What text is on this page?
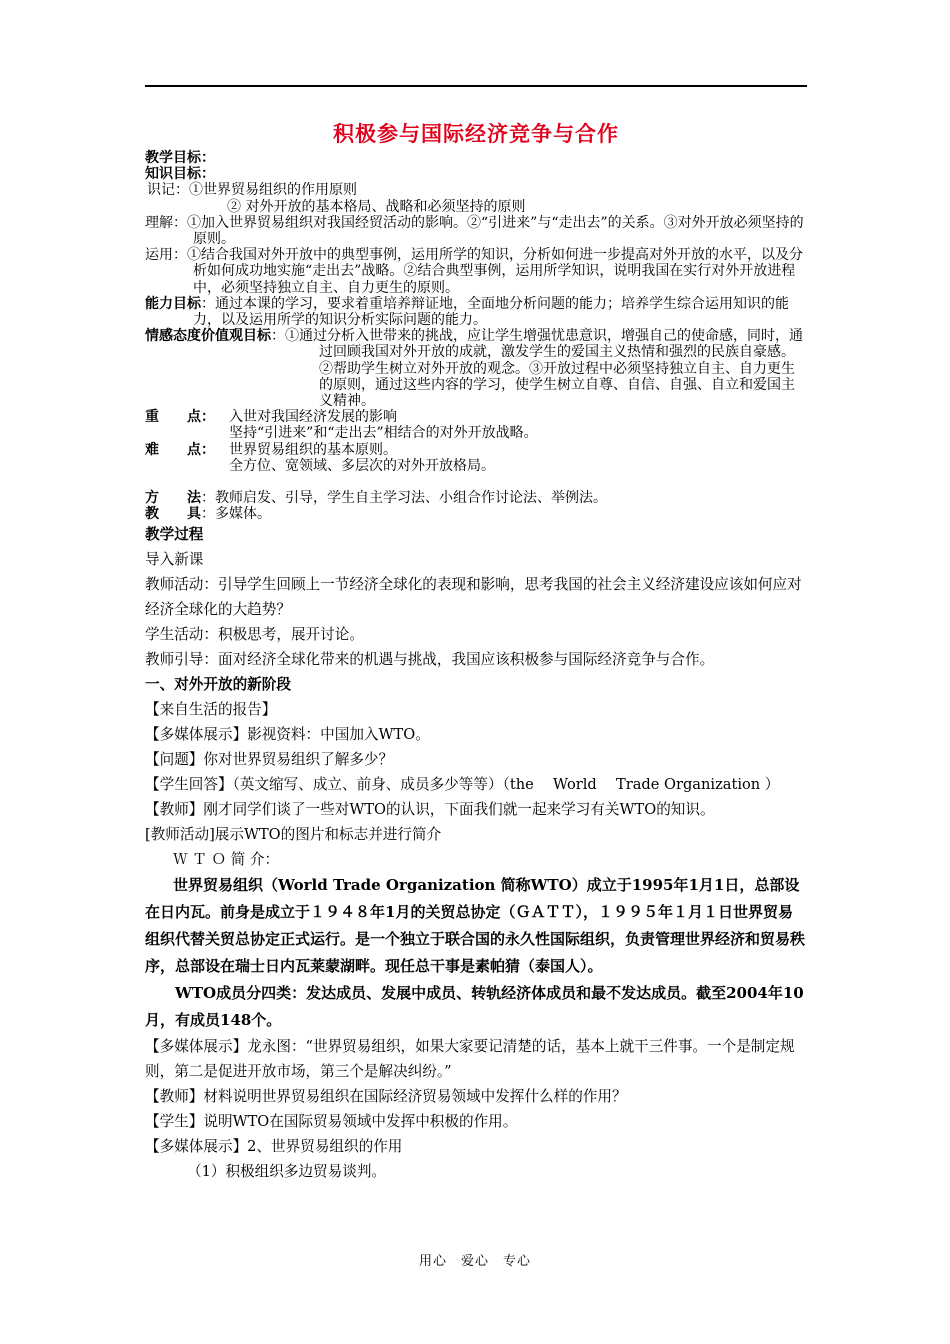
积极参与国际经济竞争与合作

教学目标：

知识目标：

识记：①世界贸易组织的作用原则

② 对外开放的基本格局、战略和必须坚持的原则

理解：①加入世界贸易组织对我国经贸活动的影响。②“引进来”与“走出去”的关系。③对外开放必须坚持的原则。

运用：①结合我国对外开放中的典型事例，运用所学的知识，分析如何进一步提高对外开放的水平，以及分析如何成功地实施“走出去”战略。②结合典型事例，运用所学知识，说明我国在实行对外开放进程中，必须坚持独立自主、自力更生的原则。

能力目标：通过本课的学习，要求着重培养辩证地，全面地分析问题的能力；培养学生综合运用知识的能力，以及运用所学的知识分析实际问题的能力。

情感态度价值观目标：①通过分析入世带来的挑战，应让学生增强忧患意识，增强自己的使命感，同时，通过回顾我国对外开放的成就，激发学生的爱国主义热情和强烈的民族自豪感。②帮助学生树立对外开放的观念。③开放过程中必须坚持独立自主、自力更生的原则，通过这些内容的学习，使学生树立自尊、自信、自强、自立和爱国主义精神。

重　　点：	入世对我国经济发展的影响

坚持“引进来”和“走出去”相结合的对外开放战略。

难　　点：	世界贸易组织的基本原则。

全方位、宽领域、多层次的对外开放格局。

方　　法：教师启发、引导，学生自主学习法、小组合作讨论法、举例法。

教　　具：多媒体。

教学过程

导入新课

教师活动：引导学生回顾上一节经济全球化的表现和影响，思考我国的社会主义经济建设应该如何应对经济全球化的大趋势？

学生活动：积极思考，展开讨论。

教师引导：面对经济全球化带来的机遇与挑战，我国应该积极参与国际经济竞争与合作。

一、对外开放的新阶段

【来自生活的报告】

【多媒体展示】影视资料：中国加入WTO。

【问题】你对世界贸易组织了解多少？

【学生回答】（英文缩写、成立、前身、成员多少等等）（the　 World　 Trade Organization ）

【教师】刚才同学们谈了一些对WTO的认识，下面我们就一起来学习有关WTO的知识。

[教师活动]展示WTO的图片和标志并进行简介

Ｗ Ｔ Ｏ 简 介：

世界贸易组织（World Trade Organization 简称WTO）成立于1995年1月1日，总部设在日内瓦。前身是成立于１９４８年1月的关贸总协定（ＧＡＴＴ），１９９５年１月１日世界贸易组织代替关贸总协定正式运行。是一个独立于联合国的永久性国际组织，负责管理世界经济和贸易秩序，总部设在瑞士日内瓦莱蒙湖畔。现任总干事是素帕猜（泰国人）。

WTO成员分四类：发达成员、发展中成员、转轨经济体成员和最不发达成员。截至2004年10月，有成员148个。

【多媒体展示】龙永图：“世界贸易组织，如果大家要记清楚的话，基本上就干三件事。一个是制定规则，第二是促进开放市场，第三个是解决纠纷。”

【教师】材料说明世界贸易组织在国际经济贸易领域中发挥什么样的作用？

【学生】说明WTO在国际贸易领域中发挥中积极的作用。

【多媒体展示】2、世界贸易组织的作用

（1）积极组织多边贸易谈判。

用心　爱心　专心
